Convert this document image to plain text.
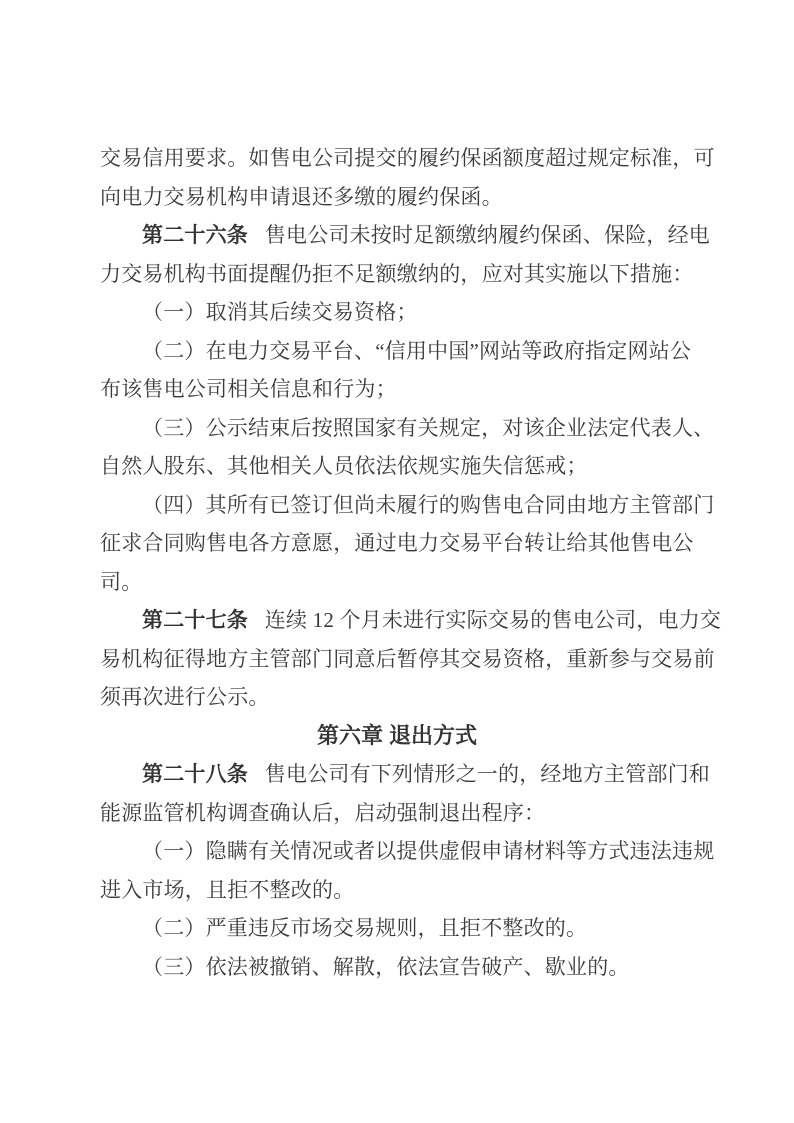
交易信用要求。如售电公司提交的履约保函额度超过规定标准，可
向电力交易机构申请退还多缴的履约保函。
第二十六条 售电公司未按时足额缴纳履约保函、保险，经电
力交易机构书面提醒仍拒不足额缴纳的，应对其实施以下措施：
（一）取消其后续交易资格；
（二）在电力交易平台、“信用中国”网站等政府指定网站公
布该售电公司相关信息和行为；
（三）公示结束后按照国家有关规定，对该企业法定代表人、
自然人股东、其他相关人员依法依规实施失信惩戒；
（四）其所有已签订但尚未履行的购售电合同由地方主管部门
征求合同购售电各方意愿，通过电力交易平台转让给其他售电公
司。
第二十七条 连续 12 个月未进行实际交易的售电公司，电力交
易机构征得地方主管部门同意后暂停其交易资格，重新参与交易前
须再次进行公示。
第六章 退出方式
第二十八条 售电公司有下列情形之一的，经地方主管部门和
能源监管机构调查确认后，启动强制退出程序：
（一）隐瞒有关情况或者以提供虚假申请材料等方式违法违规
进入市场，且拒不整改的。
（二）严重违反市场交易规则，且拒不整改的。
（三）依法被撤销、解散，依法宣告破产、歇业的。
